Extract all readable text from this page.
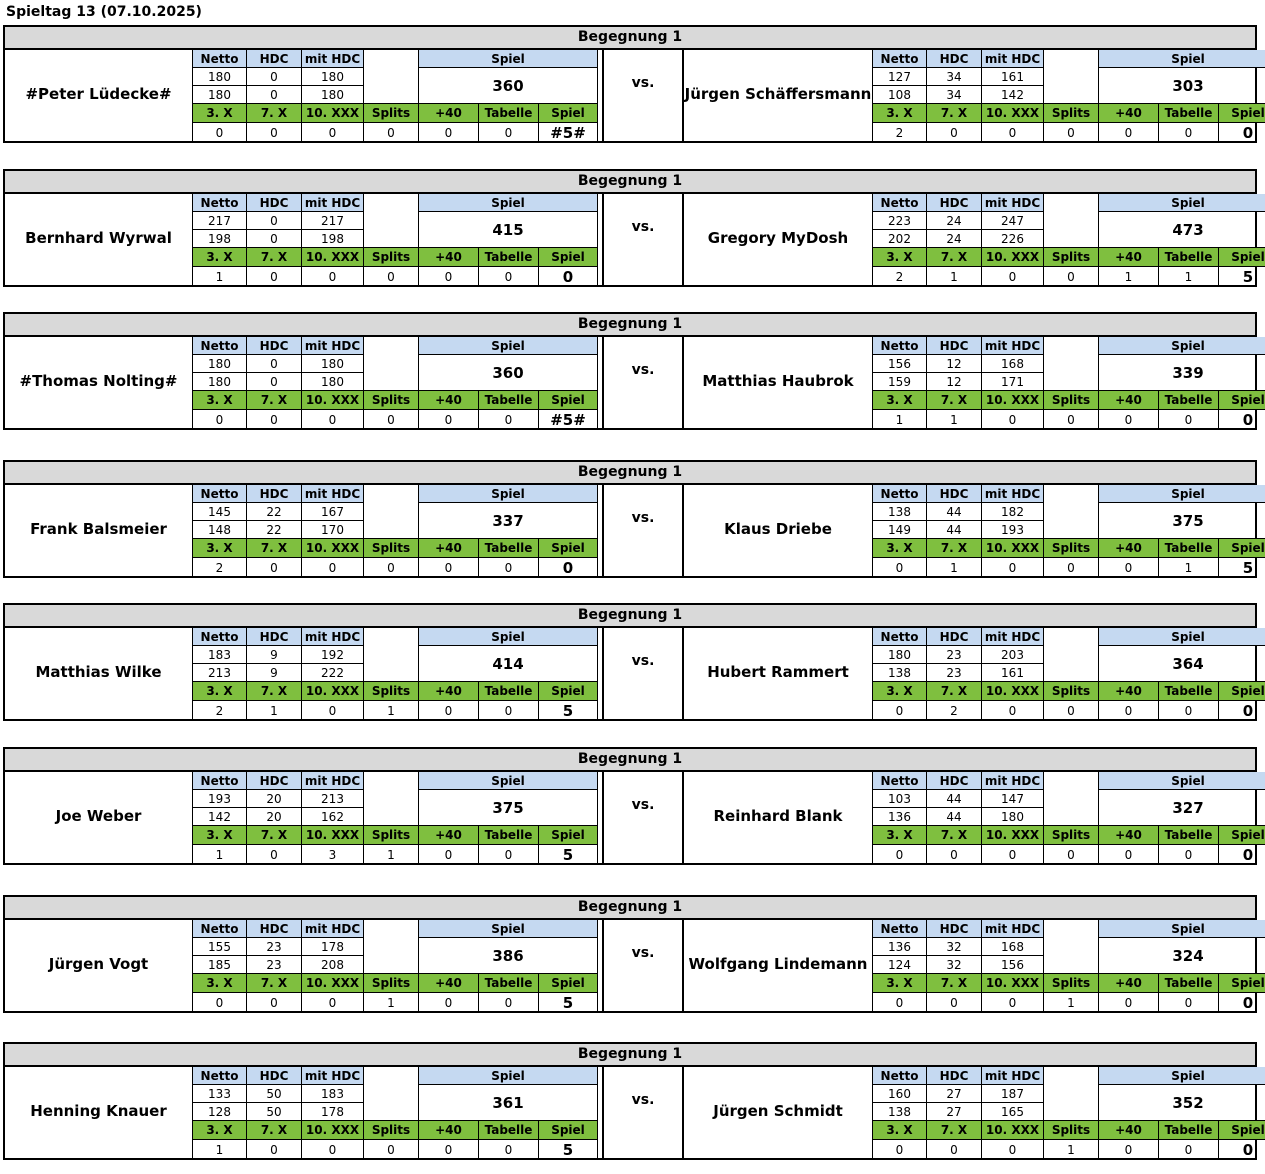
Spieltag 13 (07.10.2025)
Begegnung 1
#Peter Lüdecke#
Netto	HDC	mit HDC	Spiel
180	0	180
180	0	180	360
3. X	7. X	10. XXX	Splits	+40	Tabelle	Spiel
0	0	0	0	0	0	#5#
vs.
Jürgen Schäffersmann
Netto	HDC	mit HDC	Spiel
127	34	161
108	34	142	303
3. X	7. X	10. XXX	Splits	+40	Tabelle	Spiel
2	0	0	0	0	0	0
Begegnung 1
Bernhard Wyrwal
Netto	HDC	mit HDC	Spiel
217	0	217
198	0	198	415
3. X	7. X	10. XXX	Splits	+40	Tabelle	Spiel
1	0	0	0	0	0	0
vs.
Gregory MyDosh
Netto	HDC	mit HDC	Spiel
223	24	247
202	24	226	473
3. X	7. X	10. XXX	Splits	+40	Tabelle	Spiel
2	1	0	0	1	1	5
Begegnung 1
#Thomas Nolting#
Netto	HDC	mit HDC	Spiel
180	0	180
180	0	180	360
3. X	7. X	10. XXX	Splits	+40	Tabelle	Spiel
0	0	0	0	0	0	#5#
vs.
Matthias Haubrok
Netto	HDC	mit HDC	Spiel
156	12	168
159	12	171	339
3. X	7. X	10. XXX	Splits	+40	Tabelle	Spiel
1	1	0	0	0	0	0
Begegnung 1
Frank Balsmeier
Netto	HDC	mit HDC	Spiel
145	22	167
148	22	170	337
3. X	7. X	10. XXX	Splits	+40	Tabelle	Spiel
2	0	0	0	0	0	0
vs.
Klaus Driebe
Netto	HDC	mit HDC	Spiel
138	44	182
149	44	193	375
3. X	7. X	10. XXX	Splits	+40	Tabelle	Spiel
0	1	0	0	0	1	5
Begegnung 1
Matthias Wilke
Netto	HDC	mit HDC	Spiel
183	9	192
213	9	222	414
3. X	7. X	10. XXX	Splits	+40	Tabelle	Spiel
2	1	0	1	0	0	5
vs.
Hubert Rammert
Netto	HDC	mit HDC	Spiel
180	23	203
138	23	161	364
3. X	7. X	10. XXX	Splits	+40	Tabelle	Spiel
0	2	0	0	0	0	0
Begegnung 1
Joe Weber
Netto	HDC	mit HDC	Spiel
193	20	213
142	20	162	375
3. X	7. X	10. XXX	Splits	+40	Tabelle	Spiel
1	0	3	1	0	0	5
vs.
Reinhard Blank
Netto	HDC	mit HDC	Spiel
103	44	147
136	44	180	327
3. X	7. X	10. XXX	Splits	+40	Tabelle	Spiel
0	0	0	0	0	0	0
Begegnung 1
Jürgen Vogt
Netto	HDC	mit HDC	Spiel
155	23	178
185	23	208	386
3. X	7. X	10. XXX	Splits	+40	Tabelle	Spiel
0	0	0	1	0	0	5
vs.
Wolfgang Lindemann
Netto	HDC	mit HDC	Spiel
136	32	168
124	32	156	324
3. X	7. X	10. XXX	Splits	+40	Tabelle	Spiel
0	0	0	1	0	0	0
Begegnung 1
Henning Knauer
Netto	HDC	mit HDC	Spiel
133	50	183
128	50	178	361
3. X	7. X	10. XXX	Splits	+40	Tabelle	Spiel
1	0	0	0	0	0	5
vs.
Jürgen Schmidt
Netto	HDC	mit HDC	Spiel
160	27	187
138	27	165	352
3. X	7. X	10. XXX	Splits	+40	Tabelle	Spiel
0	0	0	1	0	0	0
